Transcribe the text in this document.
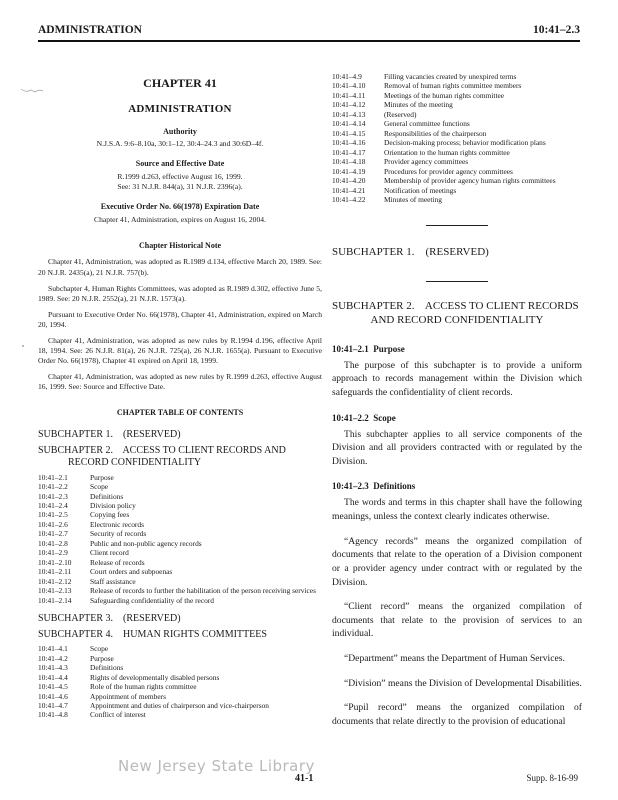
ADMINISTRATION	10:41–2.3
CHAPTER 41
ADMINISTRATION
Authority
N.J.S.A. 9:6–8.10a, 30:1–12, 30:4–24.3 and 30:6D–4f.
Source and Effective Date
R.1999 d.263, effective August 16, 1999.
See: 31 N.J.R. 844(a), 31 N.J.R. 2396(a).
Executive Order No. 66(1978) Expiration Date
Chapter 41, Administration, expires on August 16, 2004.
Chapter Historical Note

Chapter 41, Administration, was adopted as R.1989 d.134, effective March 20, 1989. See: 20 N.J.R. 2435(a), 21 N.J.R. 757(b).

Subchapter 4, Human Rights Committees, was adopted as R.1989 d.302, effective June 5, 1989. See: 20 N.J.R. 2552(a), 21 N.J.R. 1573(a).

Pursuant to Executive Order No. 66(1978), Chapter 41, Administration, expired on March 20, 1994.

Chapter 41, Administration, was adopted as new rules by R.1994 d.196, effective April 18, 1994. See: 26 N.J.R. 81(a), 26 N.J.R. 725(a), 26 N.J.R. 1655(a). Pursuant to Executive Order No. 66(1978), Chapter 41 expired on April 18, 1999.

Chapter 41, Administration, was adopted as new rules by R.1999 d.263, effective August 16, 1999. See: Source and Effective Date.

CHAPTER TABLE OF CONTENTS
SUBCHAPTER 1.    (RESERVED)
SUBCHAPTER 2.    ACCESS TO CLIENT RECORDS AND
RECORD CONFIDENTIALITY
10:41–2.1	Purpose
10:41–2.2	Scope
10:41–2.3	Definitions
10:41–2.4	Division policy
10:41–2.5	Copying fees
10:41–2.6	Electronic records
10:41–2.7	Security of records
10:41–2.8	Public and non-public agency records
10:41–2.9	Client record
10:41–2.10	Release of records
10:41–2.11	Court orders and subpoenas
10:41–2.12	Staff assistance
10:41–2.13	Release of records to further the habilitation of the person receiving services
10:41–2.14	Safeguarding confidentiality of the record
SUBCHAPTER 3.    (RESERVED)
SUBCHAPTER 4.    HUMAN RIGHTS COMMITTEES
10:41–4.1	Scope
10:41–4.2	Purpose
10:41–4.3	Definitions
10:41–4.4	Rights of developmentally disabled persons
10:41–4.5	Role of the human rights committee
10:41–4.6	Appointment of members
10:41–4.7	Appointment and duties of chairperson and vice-chairperson
10:41–4.8	Conflict of interest
10:41–4.9	Filling vacancies created by unexpired terms
10:41–4.10	Removal of human rights committee members
10:41–4.11	Meetings of the human rights committee
10:41–4.12	Minutes of the meeting
10:41–4.13	(Reserved)
10:41–4.14	General committee functions
10:41–4.15	Responsibilities of the chairperson
10:41–4.16	Decision-making process; behavior modification plans
10:41–4.17	Orientation to the human rights committee
10:41–4.18	Provider agency committees
10:41–4.19	Procedures for provider agency committees
10:41–4.20	Membership of provider agency human rights committees
10:41–4.21	Notification of meetings
10:41–4.22	Minutes of meeting
SUBCHAPTER 1.    (RESERVED)
SUBCHAPTER 2.    ACCESS TO CLIENT RECORDS
AND RECORD CONFIDENTIALITY
10:41–2.1 Purpose

The purpose of this subchapter is to provide a uniform approach to records management within the Division which safeguards the confidentiality of client records.

10:41–2.2 Scope

This subchapter applies to all service components of the Division and all providers contracted with or regulated by the Division.

10:41–2.3 Definitions

The words and terms in this chapter shall have the following meanings, unless the context clearly indicates otherwise.

“Agency records” means the organized compilation of documents that relate to the operation of a Division component or a provider agency under contract with or regulated by the Division.

“Client record” means the organized compilation of documents that relate to the provision of services to an individual.

“Department” means the Department of Human Services.

“Division” means the Division of Developmental Disabilities.

“Pupil record” means the organized compilation of documents that relate directly to the provision of educational

New Jersey State Library
41-1	Supp. 8-16-99
